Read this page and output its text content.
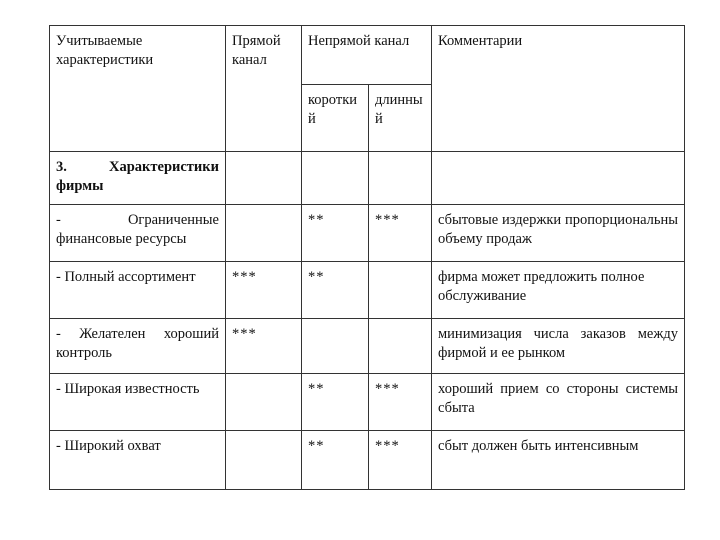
Учитываемые характеристики	Прямой канал	Непрямой канал		Комментарии
		коротки й	длинны й	
3. Характеристики фирмы				
- Ограниченные финансовые ресурсы		**	***	сбытовые издержки пропорциональны объему продаж
- Полный ассортимент	***	**		фирма может предложить полное обслуживание
- Желателен хороший контроль	***			минимизация числа заказов между фирмой и ее рынком
- Широкая известность		**	***	хороший прием со стороны системы сбыта
- Широкий охват		**	***	сбыт должен быть интенсивным
